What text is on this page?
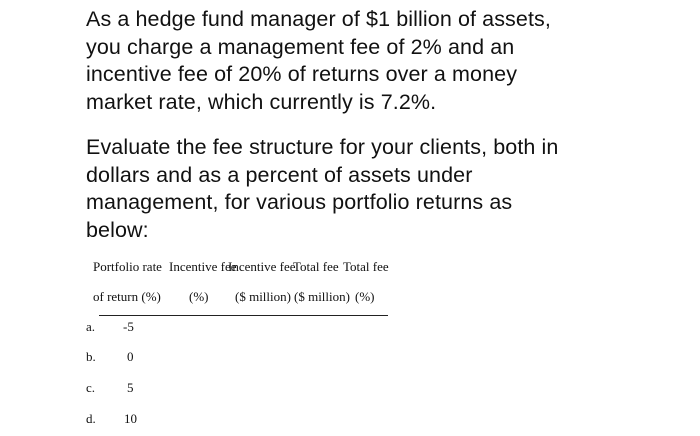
As a hedge fund manager of $1 billion of assets,
you charge a management fee of 2% and an
incentive fee of 20% of returns over a money
market rate, which currently is 7.2%.
Evaluate the fee structure for your clients, both in
dollars and as a percent of assets under
management, for various portfolio returns as
below:
Portfolio rate Incentive fee
Incentive fee
Total fee Total fee
of return (%) (%) ($ million) ($ million) (%)
a. -5
b. 0
c. 5
d. 10
